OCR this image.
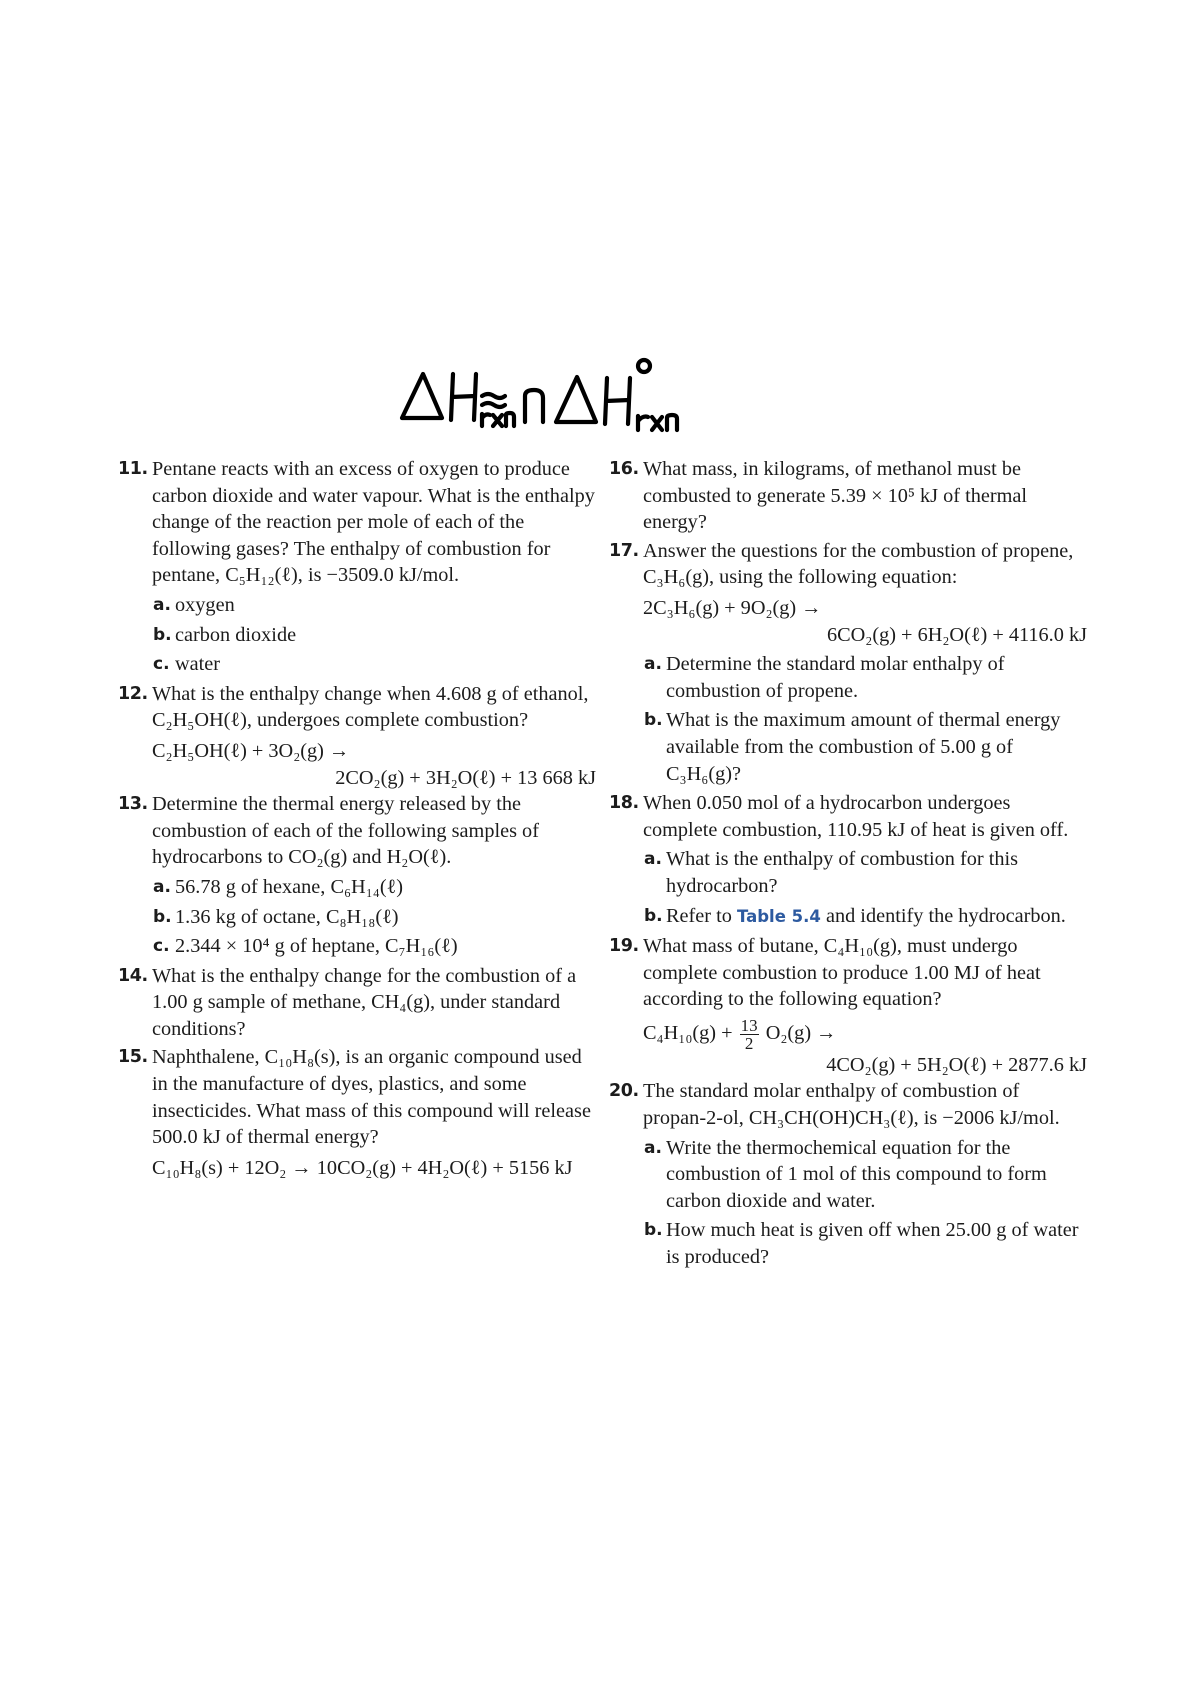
11. Pentane reacts with an excess of oxygen to produce carbon dioxide and water vapour. What is the enthalpy change of the reaction per mole of each of the following gases? The enthalpy of combustion for pentane, C₅H₁₂(ℓ), is −3509.0 kJ/mol.
a. oxygen
b. carbon dioxide
c. water
12. What is the enthalpy change when 4.608 g of ethanol, C₂H₅OH(ℓ), undergoes complete combustion?
C₂H₅OH(ℓ) + 3O₂(g) →
2CO₂(g) + 3H₂O(ℓ) + 13 668 kJ
13. Determine the thermal energy released by the combustion of each of the following samples of hydrocarbons to CO₂(g) and H₂O(ℓ).
a. 56.78 g of hexane, C₆H₁₄(ℓ)
b. 1.36 kg of octane, C₈H₁₈(ℓ)
c. 2.344 × 10⁴ g of heptane, C₇H₁₆(ℓ)
14. What is the enthalpy change for the combustion of a 1.00 g sample of methane, CH₄(g), under standard conditions?
15. Naphthalene, C₁₀H₈(s), is an organic compound used in the manufacture of dyes, plastics, and some insecticides. What mass of this compound will release 500.0 kJ of thermal energy?
C₁₀H₈(s) + 12O₂ → 10CO₂(g) + 4H₂O(ℓ) + 5156 kJ
16. What mass, in kilograms, of methanol must be combusted to generate 5.39 × 10⁵ kJ of thermal energy?
17. Answer the questions for the combustion of propene, C₃H₆(g), using the following equation:
2C₃H₆(g) + 9O₂(g) →
6CO₂(g) + 6H₂O(ℓ) + 4116.0 kJ
a. Determine the standard molar enthalpy of combustion of propene.
b. What is the maximum amount of thermal energy available from the combustion of 5.00 g of C₃H₆(g)?
18. When 0.050 mol of a hydrocarbon undergoes complete combustion, 110.95 kJ of heat is given off.
a. What is the enthalpy of combustion for this hydrocarbon?
b. Refer to Table 5.4 and identify the hydrocarbon.
19. What mass of butane, C₄H₁₀(g), must undergo complete combustion to produce 1.00 MJ of heat according to the following equation?
$C_4H_{10}(g) + \frac{13}{2} O_2(g)$ →
4CO₂(g) + 5H₂O(ℓ) + 2877.6 kJ
20. The standard molar enthalpy of combustion of propan-2-ol, CH₃CH(OH)CH₃(ℓ), is −2006 kJ/mol.
a. Write the thermochemical equation for the combustion of 1 mol of this compound to form carbon dioxide and water.
b. How much heat is given off when 25.00 g of water is produced?
